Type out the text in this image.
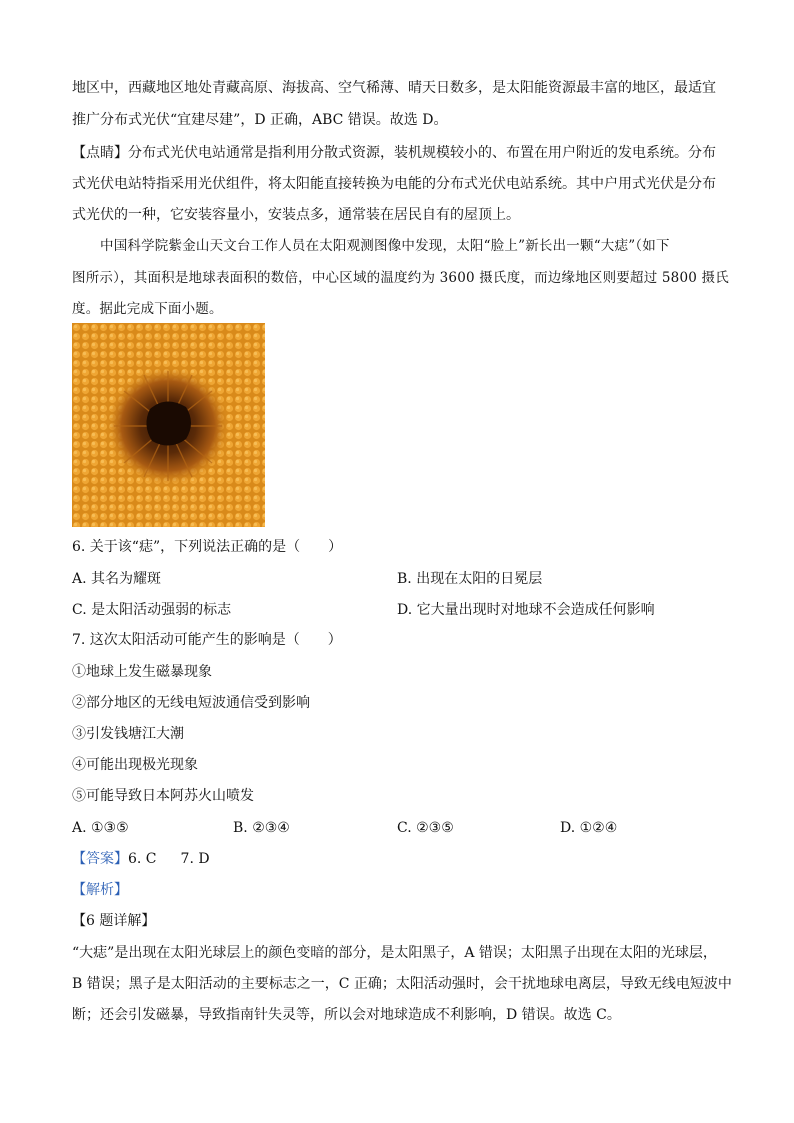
地区中，西藏地区地处青藏高原、海拔高、空气稀薄、晴天日数多，是太阳能资源最丰富的地区，最适宜
推广分布式光伏“宜建尽建”，D 正确，ABC 错误。故选 D。
【点睛】分布式光伏电站通常是指利用分散式资源，装机规模较小的、布置在用户附近的发电系统。分布
式光伏电站特指采用光伏组件，将太阳能直接转换为电能的分布式光伏电站系统。其中户用式光伏是分布
式光伏的一种，它安装容量小，安装点多，通常装在居民自有的屋顶上。
中国科学院紫金山天文台工作人员在太阳观测图像中发现，太阳“脸上”新长出一颗“大痣”（如下
图所示），其面积是地球表面积的数倍，中心区域的温度约为 3600 摄氏度，而边缘地区则要超过 5800 摄氏
度。据此完成下面小题。
6. 关于该“痣”，下列说法正确的是（　　）
A. 其名为耀斑	B. 出现在太阳的日冕层
C. 是太阳活动强弱的标志	D. 它大量出现时对地球不会造成任何影响
7. 这次太阳活动可能产生的影响是（　　）
①地球上发生磁暴现象
②部分地区的无线电短波通信受到影响
③引发钱塘江大潮
④可能出现极光现象
⑤可能导致日本阿苏火山喷发
A. ①③⑤	B. ②③④	C. ②③⑤	D. ①②④
【答案】6. C 7. D
【解析】
【6 题详解】
“大痣”是出现在太阳光球层上的颜色变暗的部分，是太阳黑子，A 错误；太阳黑子出现在太阳的光球层，
B 错误；黑子是太阳活动的主要标志之一，C 正确；太阳活动强时，会干扰地球电离层，导致无线电短波中
断；还会引发磁暴，导致指南针失灵等，所以会对地球造成不利影响，D 错误。故选 C。
